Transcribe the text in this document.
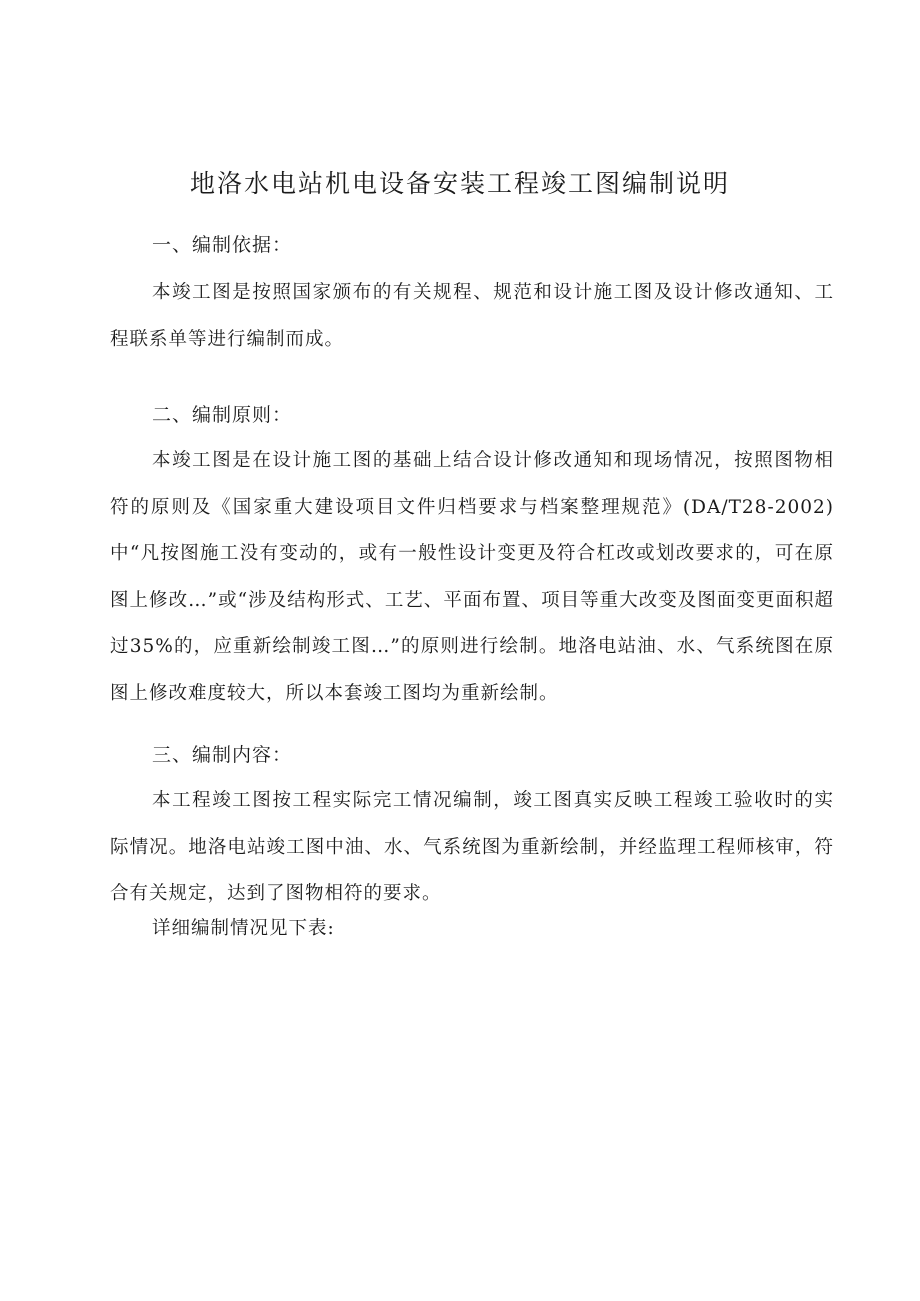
地洛水电站机电设备安装工程竣工图编制说明
一、编制依据：

本竣工图是按照国家颁布的有关规程、规范和设计施工图及设计修改通知、工程联系单等进行编制而成。

二、编制原则：

本竣工图是在设计施工图的基础上结合设计修改通知和现场情况，按照图物相符的原则及《国家重大建设项目文件归档要求与档案整理规范》(DA/T28-2002)中“凡按图施工没有变动的，或有一般性设计变更及符合杠改或划改要求的，可在原图上修改…”或“涉及结构形式、工艺、平面布置、项目等重大改变及图面变更面积超过35%的，应重新绘制竣工图…”的原则进行绘制。地洛电站油、水、气系统图在原图上修改难度较大，所以本套竣工图均为重新绘制。

三、编制内容：

本工程竣工图按工程实际完工情况编制，竣工图真实反映工程竣工验收时的实际情况。地洛电站竣工图中油、水、气系统图为重新绘制，并经监理工程师核审，符合有关规定，达到了图物相符的要求。

详细编制情况见下表:
